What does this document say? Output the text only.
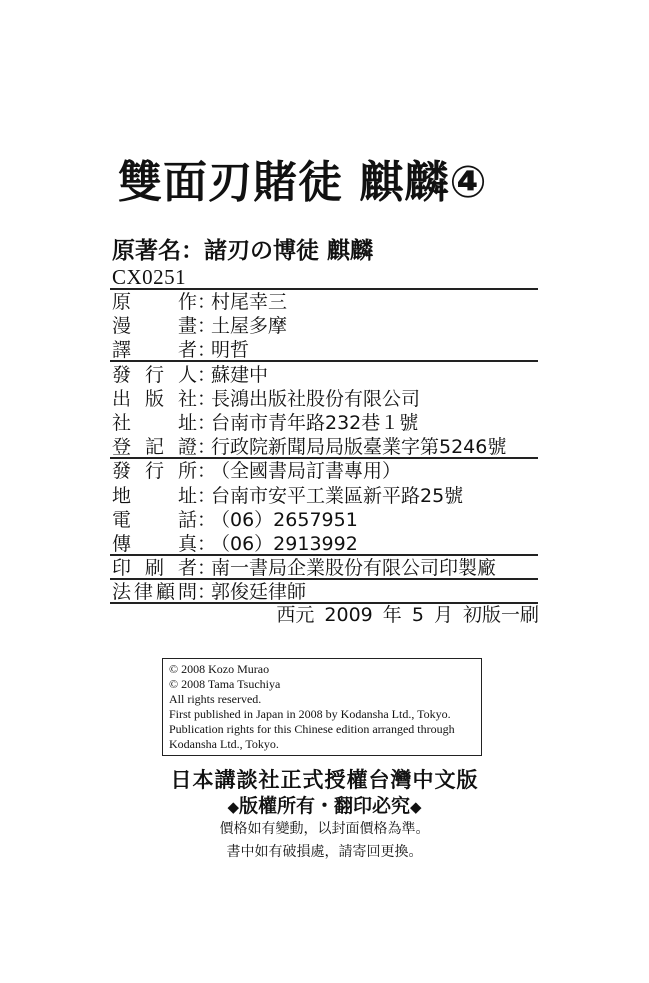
雙面刃賭徒 麒麟④
原著名：諸刃の博徒 麒麟
CX0251
原 作 ：
村尾幸三
漫 畫 ：
土屋多摩
譯 者 ：
明哲
發 行 人 ：
蘇建中
出 版 社 ：
長鴻出版社股份有限公司
社 址 ：
台南市青年路232巷１號
登 記 證 ：
行政院新聞局局版臺業字第5246號
發 行 所 ：
（全國書局訂書專用）
地 址 ：
台南市安平工業區新平路25號
電 話 ：
（06）2657951
傳 真 ：
（06）2913992
印 刷 者 ：
南一書局企業股份有限公司印製廠
法 律 顧 問 ：
郭俊廷律師
西元 2009 年 5 月 初版一刷
© 2008 Kozo Murao
© 2008 Tama Tsuchiya
All rights reserved.
First published in Japan in 2008 by Kodansha Ltd., Tokyo.
Publication rights for this Chinese edition arranged through
Kodansha Ltd., Tokyo.
日本講談社正式授權台灣中文版
◆版權所有・翻印必究◆
價格如有變動，以封面價格為準。
書中如有破損處，請寄回更換。
